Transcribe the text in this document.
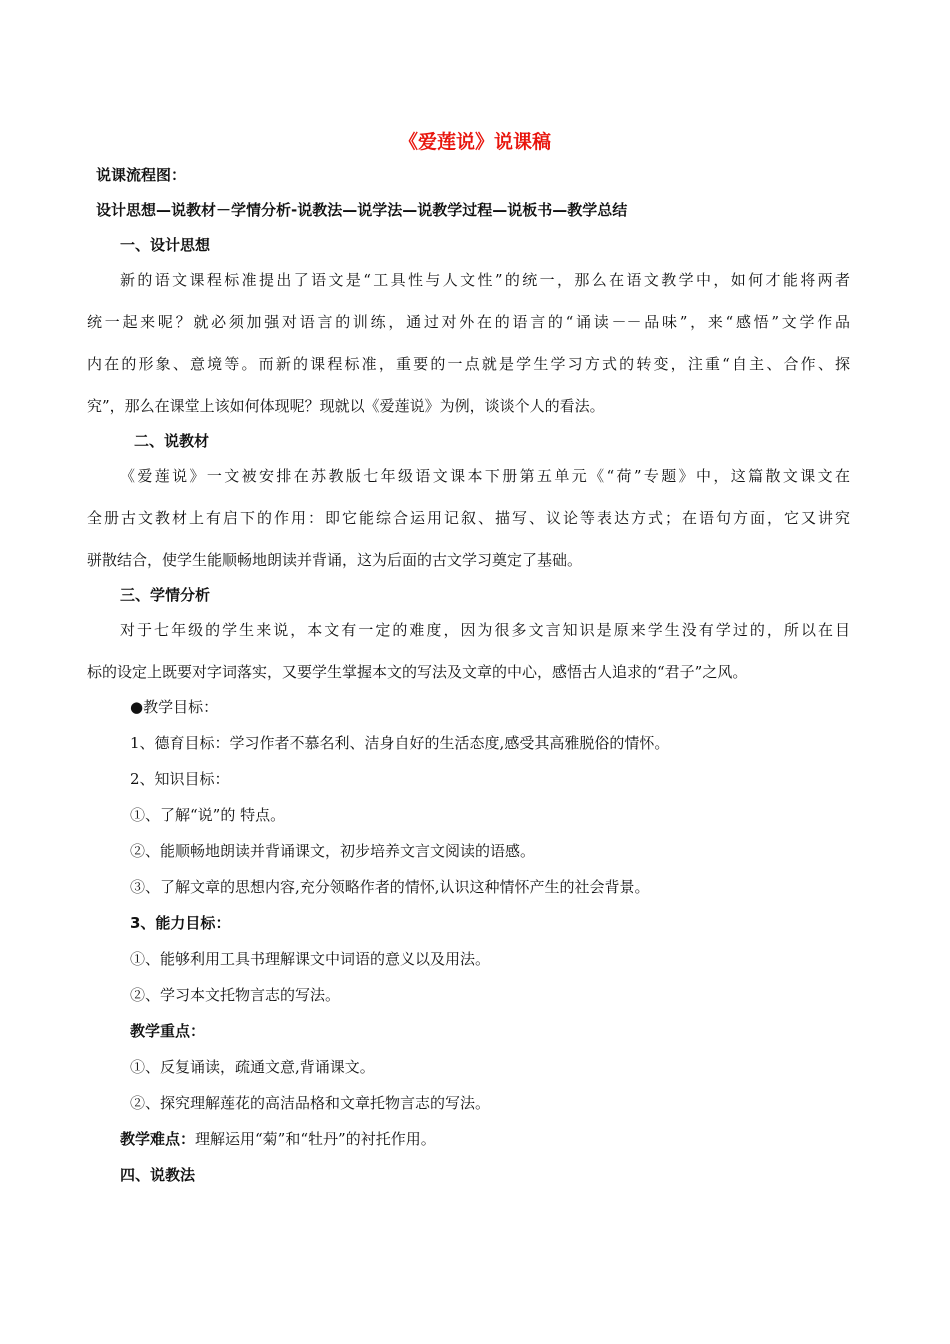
《爱莲说》说课稿
说课流程图：
设计思想—说教材－学情分析-说教法—说学法—说教学过程—说板书—教学总结
一、设计思想
新的语文课程标准提出了语文是“工具性与人文性”的统一，那么在语文教学中，如何才能将两者
统一起来呢？就必须加强对语言的训练，通过对外在的语言的“诵读－－品味”，来“感悟”文学作品
内在的形象、意境等。而新的课程标准，重要的一点就是学生学习方式的转变，注重“自主、合作、探
究”，那么在课堂上该如何体现呢？现就以《爱莲说》为例，谈谈个人的看法。
二、说教材
《爱莲说》一文被安排在苏教版七年级语文课本下册第五单元《“荷”专题》中，这篇散文课文在
全册古文教材上有启下的作用：即它能综合运用记叙、描写、议论等表达方式；在语句方面，它又讲究
骈散结合，使学生能顺畅地朗读并背诵，这为后面的古文学习奠定了基础。
三、学情分析
对于七年级的学生来说，本文有一定的难度，因为很多文言知识是原来学生没有学过的，所以在目
标的设定上既要对字词落实，又要学生掌握本文的写法及文章的中心，感悟古人追求的“君子”之风。
●教学目标：
1、德育目标：学习作者不慕名利、洁身自好的生活态度,感受其高雅脱俗的情怀。
2、知识目标：
①、了解“说”的 特点。
②、能顺畅地朗读并背诵课文，初步培养文言文阅读的语感。
③、了解文章的思想内容,充分领略作者的情怀,认识这种情怀产生的社会背景。
3、能力目标：
①、能够利用工具书理解课文中词语的意义以及用法。
②、学习本文托物言志的写法。
教学重点：
①、反复诵读，疏通文意,背诵课文。
②、探究理解莲花的高洁品格和文章托物言志的写法。
教学难点：理解运用“菊”和“牡丹”的衬托作用。
四、说教法
